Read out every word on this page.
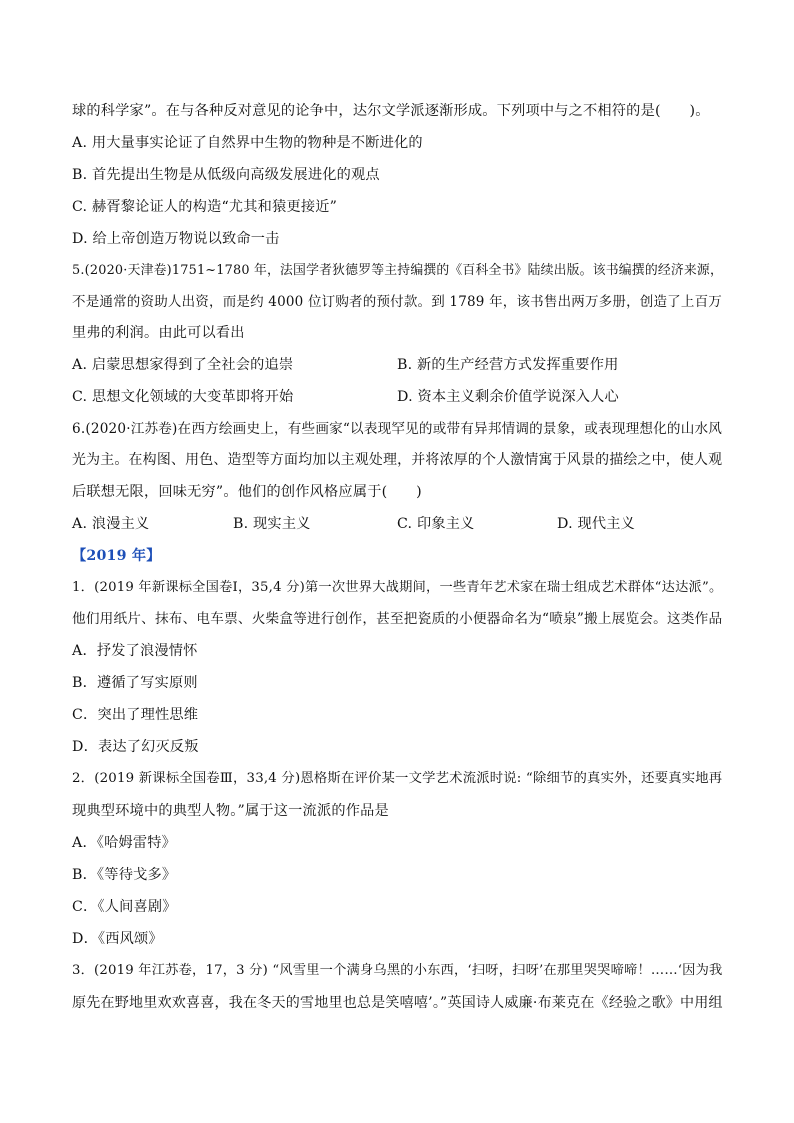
球的科学家”。在与各种反对意见的论争中，达尔文学派逐渐形成。下列项中与之不相符的是(　　)。
A. 用大量事实论证了自然界中生物的物种是不断进化的
B. 首先提出生物是从低级向高级发展进化的观点
C. 赫胥黎论证人的构造“尤其和猿更接近”
D. 给上帝创造万物说以致命一击
5.(2020·天津卷)1751~1780 年，法国学者狄德罗等主持编撰的《百科全书》陆续出版。该书编撰的经济来源，
不是通常的资助人出资，而是约 4000 位订购者的预付款。到 1789 年，该书售出两万多册，创造了上百万
里弗的利润。由此可以看出
A. 启蒙思想家得到了全社会的追崇	B. 新的生产经营方式发挥重要作用
C. 思想文化领域的大变革即将开始	D. 资本主义剩余价值学说深入人心
6.(2020·江苏卷)在西方绘画史上，有些画家“以表现罕见的或带有异邦情调的景象，或表现理想化的山水风
光为主。在构图、用色、造型等方面均加以主观处理，并将浓厚的个人激情寓于风景的描绘之中，使人观
后联想无限，回味无穷”。他们的创作风格应属于(　　)
A. 浪漫主义	B. 现实主义	C. 印象主义	D. 现代主义
【2019 年】
1．(2019 年新课标全国卷Ⅰ，35,4 分)第一次世界大战期间，一些青年艺术家在瑞士组成艺术群体“达达派”。
他们用纸片、抹布、电车票、火柴盒等进行创作，甚至把瓷质的小便器命名为“喷泉”搬上展览会。这类作品
A．抒发了浪漫情怀
B．遵循了写实原则
C．突出了理性思维
D．表达了幻灭反叛
2．(2019 新课标全国卷Ⅲ，33,4 分)恩格斯在评价某一文学艺术流派时说: “除细节的真实外，还要真实地再
现典型环境中的典型人物。”属于这一流派的作品是
A．《哈姆雷特》
B．《等待戈多》
C．《人间喜剧》
D．《西风颂》
3．(2019 年江苏卷，17，3 分) “风雪里一个满身乌黑的小东西，‘扫呀，扫呀’在那里哭哭啼啼！……‘因为我
原先在野地里欢欢喜喜，我在冬天的雪地里也总是笑嘻嘻’。”英国诗人威廉·布莱克在《经验之歌》中用组
